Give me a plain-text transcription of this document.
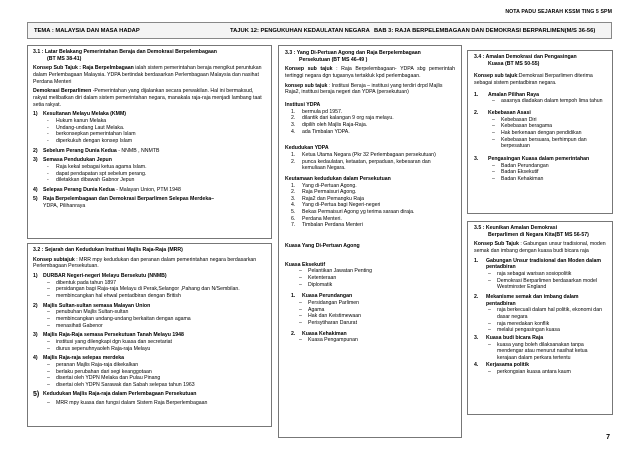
NOTA PADU SEJARAH KSSM TING 5 SPM
TEMA : MALAYSIA DAN MASA HADAP	TAJUK 12: PENGUKUHAN KEDAULATAN NEGARA BAB 3: RAJA BERPELEMBAGAAN DAN DEMOKRASI BERPARLIMEN(M/S 36-56)
3.1 : Latar Belakang Pemerintahan Beraja dan Demokrasi Berpelembagaan
(BT MS 38-41)
Konsep Sub Tajuk : Raja Berpelmbagaan ialah sistem pemerintahan beraja mengikut peruntukan dalam Perlembagaan Malaysia. YDPA bertindak berdasarkan Perlembagaan Malaysia dan nasihat Perdana Menteri
Demokrasi Berparlimen -Pemerintahan yang dijalankan secara perwakilan. Hal ini bermaksud, rakyat melibatkan diri dalam sistem pemerintahan negara, manakala raja-raja menjadi lambang taat setia rakyat.
1)	Kesultanan Melayu Melaka (KMM)
-	Hukum kanun Melaka
-	Undang-undang Laut Melaka.
-	berkonsepkan pemerintahan Islam
-	diperkukuh dengan konsep Islam
2)	Sebelum Perang Dunia Kedua - NNMB , NNMTB
3)	Semasa Pendudukan Jepun
-	Raja kekal sebagai ketua agama Islam.
-	dapat pendapatan spt sebelum perang.
-	diletakkan dibawah Gabnor Jepun
4)	Selepas Perang Dunia Kedua - Malayan Union, PTM 1948
5)	Raja Berpelembagaan dan Demokrasi Berparlimen Selepas Merdeka–
YDPA, Pilihanraya
3.2 : Sejarah dan Kedudukan Institusi Majlis Raja-Raja (MRR)
Konsep subtajuk : MRR mpy kedudukan dan peranan dalam pemerintahan negara berdasarkan Perlembagaan Persekutuan.
1)	DURBAR Negeri-negeri Melayu Bersekutu (NNMB)
–	dibentuk pada tahun 1897
–	persidangan bagi Raja-raja Melayu di Perak,Selangor ,Pahang dan N/Sembilan.
–	membincangkan hal ehwal pentadbiran dengan British
2)	Majlis Sultan-sultan semasa Malayan Union
–	penubuhan Majlis Sultan-sultan
–	membincangkan undang-undang berkaitan dengan agama
–	menasihati Gabenor
3)	Majlis Raja-Raja semasa Persekutuan Tanah Melayu 1948
–	institusi yang dilengkapi dgn kuasa dan secretariat
–	diurus sepenuhnyaoleh Raja-raja Melayu
4)	Majlis Raja-raja selepas merdeka
–	peranan Majlis Raja-raja dikekalkan
–	berlaku perubahan dari segi keanggotaan
–	disertai oleh YDPN Melaka dan Pulau Pinang
–	disertai oleh YDPN Sarawak dan Sabah selepas tahun 1963
5) Kedudukan Majlis Raja-raja dalam Perlembagaan Persekutuan
–	MRR mpy kuasa dan fungsi dalam Sistem Raja Berperlembagaan
3.3 : Yang Di-Pertuan Agong dan Raja Berpelembagaan
Persekutuan (BT MS 46-49 )
Konsep sub tajuk : Raja Berpelembagaan- YDPA sbg pemerintah tertinggi negara dgn tugasnya tertakluk kpd perlembagaan.
konsep sub tajuk : Institusi Beraja – institusi yang terdiri drpd Majlis Raja2, institusi beraja negeri dan YDPA (persekutuan)
Institusi YDPA
1.	bermula pd 1957.
2.	dilantik dari kalangan 9 org raja melayu.
3.	dipilih oleh Majlis Raja-Raja.
4.	ada Timbalan YDPA.
Kedudukan YDPA
1.	Ketua Utama Negara (Pkr 32 Perlembagaan persekutuan)
2.	punca kedaulatan, ketaatan, perpaduan, kebesaran dan kemuliaan Negara.
Keutamaan kedudukan dalam Persekutuan
1.	Yang di-Pertuan Agong.
2.	Raja Permaisuri Agong.
3.	Raja2 dan Pemangku Raja
4.	Yang di-Pertua bagi Negeri-negeri
5.	Bekas Permaisuri Agong yg terima saraan diraja.
6.	Perdana Menteri.
7.	Timbalan Perdana Menteri
Kuasa Yang Di-Pertuan Agong
Kuasa Eksekutif
–	Pelantikan Jawatan Penting
–	Ketenteraan
–	Diplomatik
1.	Kuasa Perundangan
–	Persidangan Parlimen
–	Agama
–	Hak dan Keistimewaan
–	Perisytiharan Darurat
2.	Kuasa Kehakiman
–	Kuasa Pengampunan
3.4 : Amalan Demokrasi dan Pengasingan
Kuasa (BT MS 50-55)
Konsep sub tajuk:Demokrasi Berparlimen diterima sebagai sistem pentadbiran negara.
1.	Amalan Pilihan Raya
–	asasnya diadakan dalam tempoh lima tahun
2.	Kebebasan Asasi
–	Kebebasan Diri
–	Kebebasan beragama
–	Hak berkenaan dengan pendidikan
–	Kebebasan bersuara, berhimpun dan berpesatuan
3.	Pengasingan Kuasa dalam pemerintahan
–	Badan Perundangan
–	Badan Eksekutif
–	Badan Kehakiman
3.5 : Keunikan Amalan Demokrasi
Berparlimen di Negara Kita(BT MS 56-57)
Konsep Sub Tajuk : Gabungan unsur tradisional, moden semak dan imbang dengan kuasa budi bicara raja
1.	Gabungan Unsur tradisional dan Moden dalam pentadbiran
–	raja sebagai warisan sosiopolitik
–	Demokrasi Berparlimen berdasarkan model Westminster England
2.	Mekanisme semak dan imbang dalam pentadbiran
–	raja berkecuali dalam hal politik, ekonomi dan dasar negara
–	raja meredakan konflik
–	melalui pengasingan kuasa
3.	Kuasa budi bicara Raja
–	kuasa yang boleh dilaksanakan tanpa mendengar atau menurut nasihat ketua kerajaan dalam perkara tertentu
4.	Kerjasama politik
–	perkongsian kuasa antara kaum
7
